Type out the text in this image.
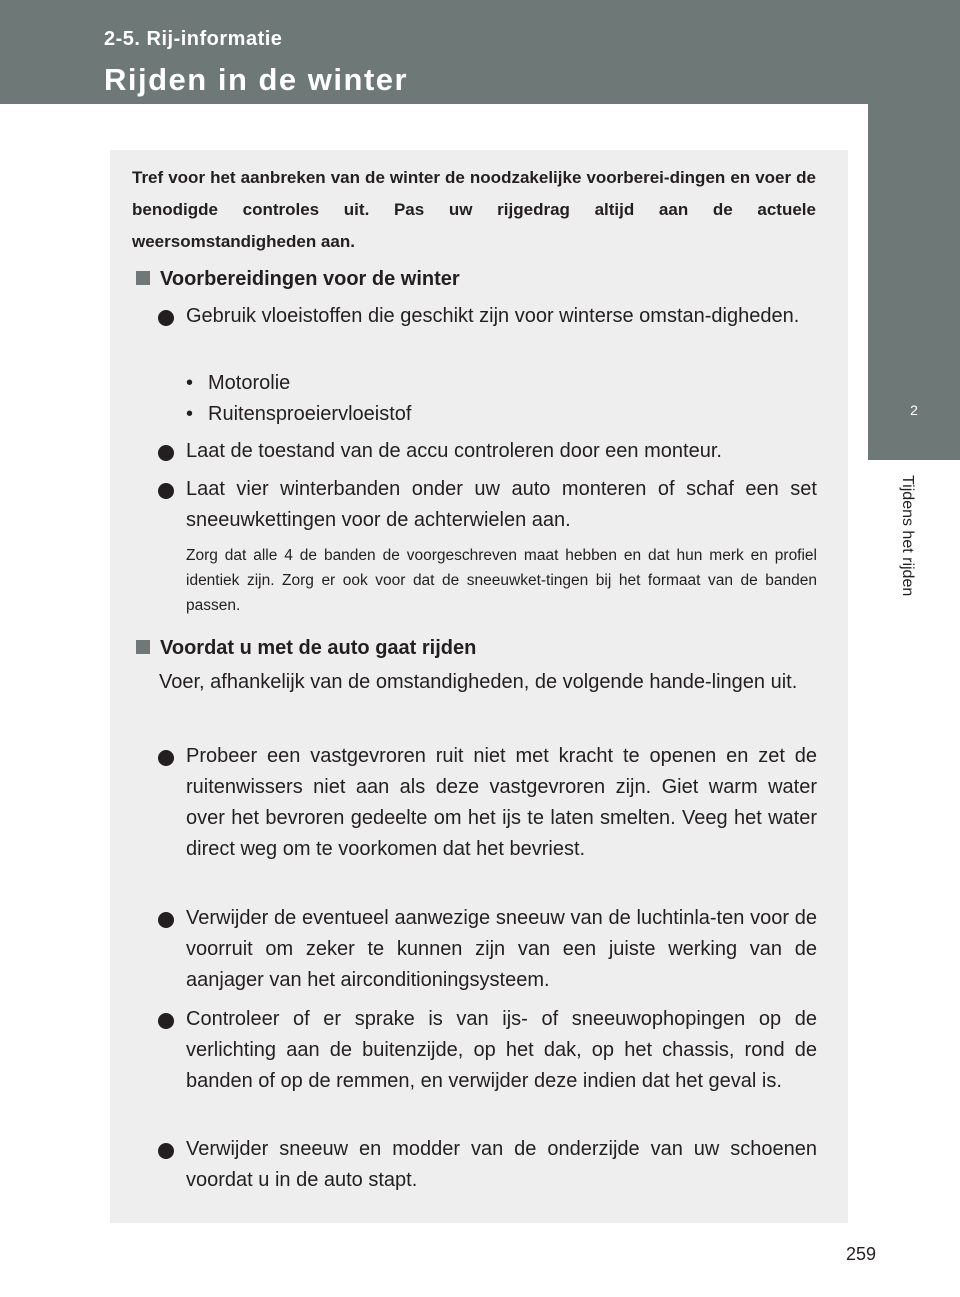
2-5. Rij-informatie
Rijden in de winter
2
Tijdens het rijden
Tref voor het aanbreken van de winter de noodzakelijke voorberei-dingen en voer de benodigde controles uit. Pas uw rijgedrag altijd aan de actuele weersomstandigheden aan.
Voorbereidingen voor de winter
Gebruik vloeistoffen die geschikt zijn voor winterse omstan-digheden.
• Motorolie
• Ruitensproeiervloeistof
Laat de toestand van de accu controleren door een monteur.
Laat vier winterbanden onder uw auto monteren of schaf een set sneeuwkettingen voor de achterwielen aan.
Zorg dat alle 4 de banden de voorgeschreven maat hebben en dat hun merk en profiel identiek zijn. Zorg er ook voor dat de sneeuwket-tingen bij het formaat van de banden passen.
Voordat u met de auto gaat rijden
Voer, afhankelijk van de omstandigheden, de volgende hande-lingen uit.
Probeer een vastgevroren ruit niet met kracht te openen en zet de ruitenwissers niet aan als deze vastgevroren zijn. Giet warm water over het bevroren gedeelte om het ijs te laten smelten. Veeg het water direct weg om te voorkomen dat het bevriest.
Verwijder de eventueel aanwezige sneeuw van de luchtinla-ten voor de voorruit om zeker te kunnen zijn van een juiste werking van de aanjager van het airconditioningsysteem.
Controleer of er sprake is van ijs- of sneeuwophopingen op de verlichting aan de buitenzijde, op het dak, op het chassis, rond de banden of op de remmen, en verwijder deze indien dat het geval is.
Verwijder sneeuw en modder van de onderzijde van uw schoenen voordat u in de auto stapt.
259
